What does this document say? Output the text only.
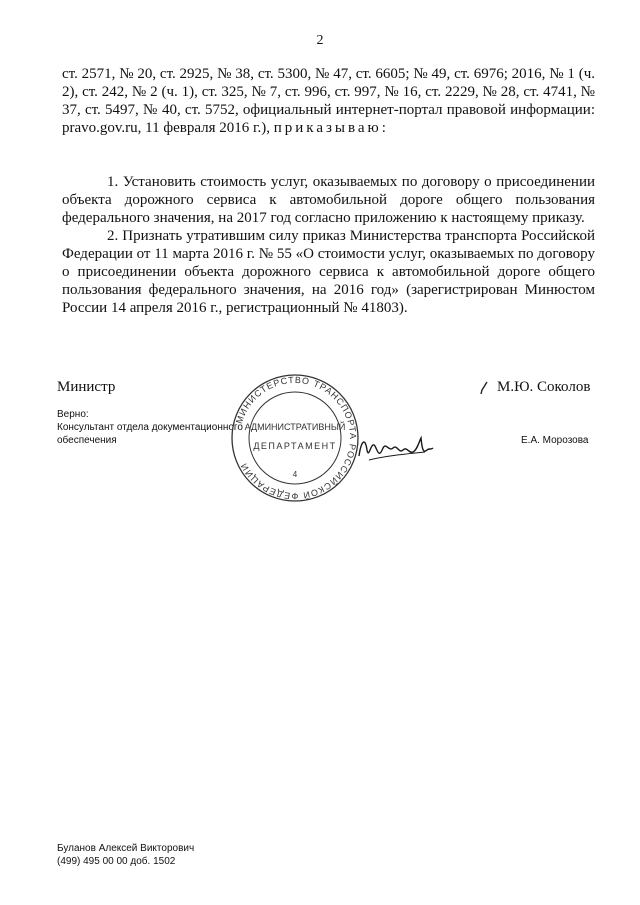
2

ст. 2571, № 20, ст. 2925, № 38, ст. 5300, № 47, ст. 6605; № 49, ст. 6976; 2016, № 1 (ч. 2), ст. 242, № 2 (ч. 1), ст. 325, № 7, ст. 996, ст. 997, № 16, ст. 2229, № 28, ст. 4741, № 37, ст. 5497, № 40, ст. 5752, официальный интернет-портал правовой информации: pravo.gov.ru, 11 февраля 2016 г.), приказываю:

1. Установить стоимость услуг, оказываемых по договору о присоединении объекта дорожного сервиса к автомобильной дороге общего пользования федерального значения, на 2017 год согласно приложению к настоящему приказу.

2. Признать утратившим силу приказ Министерства транспорта Российской Федерации от 11 марта 2016 г. № 55 «О стоимости услуг, оказываемых по договору о присоединении объекта дорожного сервиса к автомобильной дороге общего пользования федерального значения, на 2016 год» (зарегистрирован Минюстом России 14 апреля 2016 г., регистрационный № 41803).

Министр	М.Ю. Соколов
Верно:
Консультант отдела документационного обеспечения	Е.А. Морозова
МИНИСТЕРСТВО ТРАНСПОРТА РОССИЙСКОЙ ФЕДЕРАЦИИ
АДМИНИСТРАТИВНЫЙ
ДЕПАРТАМЕНТ
4
Буланов Алексей Викторович
(499) 495 00 00 доб. 1502
